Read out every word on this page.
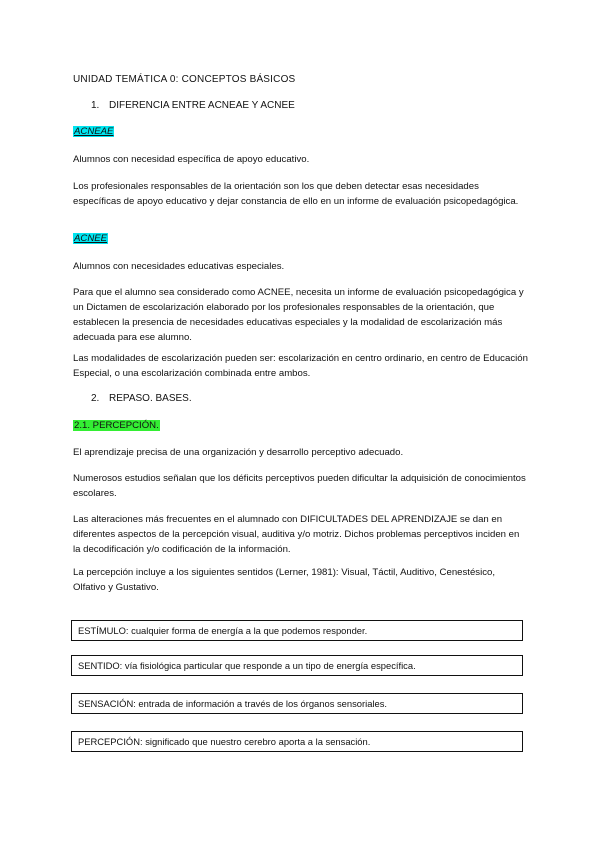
UNIDAD TEMÁTICA 0: CONCEPTOS BÁSICOS
1. DIFERENCIA ENTRE ACNEAE Y ACNEE
ACNEAE
Alumnos con necesidad específica de apoyo educativo.
Los profesionales responsables de la orientación son los que deben detectar esas necesidades específicas de apoyo educativo y dejar constancia de ello en un informe de evaluación psicopedagógica.
ACNEE
Alumnos con necesidades educativas especiales.
Para que el alumno sea considerado como ACNEE, necesita un informe de evaluación psicopedagógica y un Dictamen de escolarización elaborado por los profesionales responsables de la orientación, que establecen la presencia de necesidades educativas especiales y la modalidad de escolarización más adecuada para ese alumno.
Las modalidades de escolarización pueden ser: escolarización en centro ordinario, en centro de Educación Especial, o una escolarización combinada entre ambos.
2. REPASO. BASES.
2.1. PERCEPCIÓN.
El aprendizaje precisa de una organización y desarrollo perceptivo adecuado.
Numerosos estudios señalan que los déficits perceptivos pueden dificultar la adquisición de conocimientos escolares.
Las alteraciones más frecuentes en el alumnado con DIFICULTADES DEL APRENDIZAJE se dan en diferentes aspectos de la percepción visual, auditiva y/o motriz. Dichos problemas perceptivos inciden en la decodificación y/o codificación de la información.
La percepción incluye a los siguientes sentidos (Lerner, 1981): Visual, Táctil, Auditivo, Cenestésico, Olfativo y Gustativo.
ESTÍMULO: cualquier forma de energía a la que podemos responder.
SENTIDO: vía fisiológica particular que responde a un tipo de energía específica.
SENSACIÓN: entrada de información a través de los órganos sensoriales.
PERCEPCIÓN: significado que nuestro cerebro aporta a la sensación.
